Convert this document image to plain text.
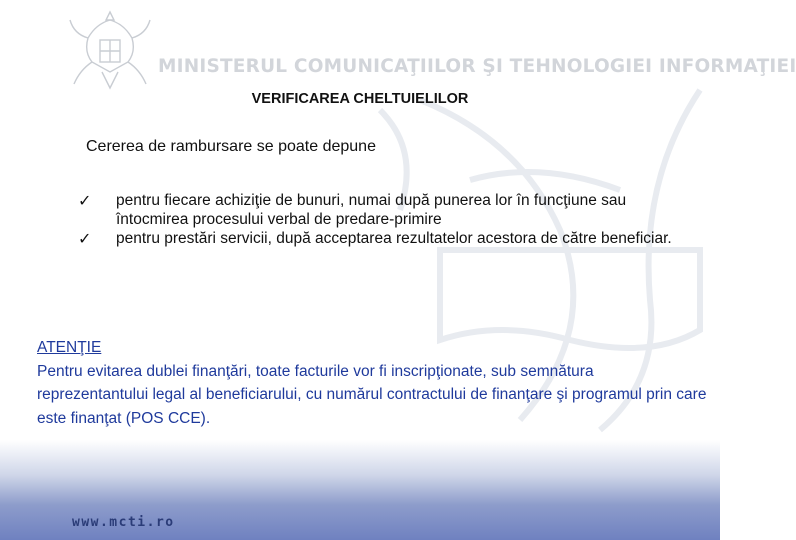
MINISTERUL COMUNICAŢIILOR ŞI TEHNOLOGIEI INFORMAŢIEI
VERIFICAREA CHELTUIELILOR
Cererea de rambursare se poate depune
✓ pentru fiecare achiziţie de bunuri, numai după punerea lor în funcţiune sau întocmirea procesului verbal de predare-primire
✓ pentru prestări servicii, după acceptarea rezultatelor acestora de către beneficiar.
ATENŢIE
Pentru evitarea dublei finanţări, toate facturile vor fi inscripţionate, sub semnătura reprezentantului legal al beneficiarului, cu numărul contractului de finanţare şi programul prin care este finanţat (POS CCE).
www.mcti.ro
